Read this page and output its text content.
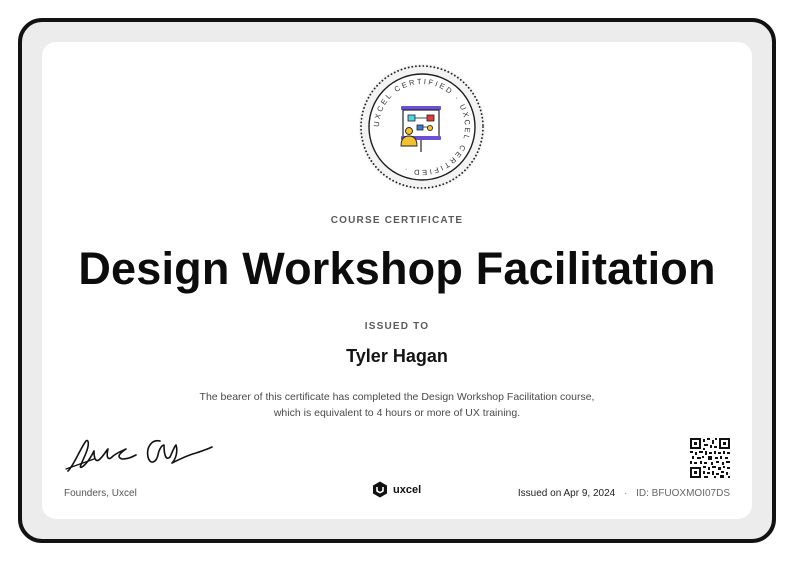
UXCEL CERTIFIED · UXCEL CERTIFIED ·
COURSE CERTIFICATE
Design Workshop Facilitation
ISSUED TO
Tyler Hagan
The bearer of this certificate has completed the Design Workshop Facilitation course, which is equivalent to 4 hours or more of UX training.
Founders, Uxcel	uxcel	Issued on Apr 9, 2024 · ID: BFUOXMOI07DS
